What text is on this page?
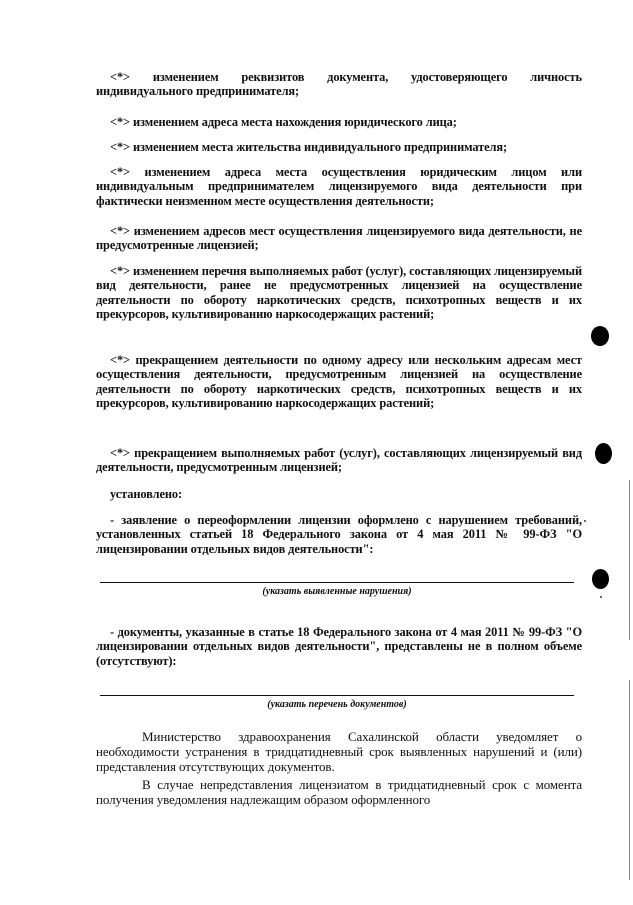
<*> изменением реквизитов документа, удостоверяющего личность индивидуального предпринимателя;

<*> изменением адреса места нахождения юридического лица;

<*> изменением места жительства индивидуального предпринимателя;

<*> изменением адреса места осуществления юридическим лицом или индивидуальным предпринимателем лицензируемого вида деятельности при фактически неизменном месте осуществления деятельности;

<*> изменением адресов мест осуществления лицензируемого вида деятельности, не предусмотренные лицензией;

<*> изменением перечня выполняемых работ (услуг), составляющих лицензируемый вид деятельности, ранее не предусмотренных лицензией на осуществление деятельности по обороту наркотических средств, психотропных веществ и их прекурсоров, культивированию наркосодержащих растений;

<*> прекращением деятельности по одному адресу или нескольким адресам мест осуществления деятельности, предусмотренным лицензией на осуществление деятельности по обороту наркотических средств, психотропных веществ и их прекурсоров, культивированию наркосодержащих растений;

<*> прекращением выполняемых работ (услуг), составляющих лицензируемый вид деятельности, предусмотренным лицензией;

установлено:

- заявление о переоформлении лицензии оформлено с нарушением требований, установленных статьей 18 Федерального закона от 4 мая 2011 № 99-ФЗ "О лицензировании отдельных видов деятельности":

(указать выявленные нарушения)

- документы, указанные в статье 18 Федерального закона от 4 мая 2011 № 99-ФЗ "О лицензировании отдельных видов деятельности", представлены не в полном объеме (отсутствуют):

(указать перечень документов)

Министерство здравоохранения Сахалинской области уведомляет о необходимости устранения в тридцатидневный срок выявленных нарушений и (или) представления отсутствующих документов.

В случае непредставления лицензиатом в тридцатидневный срок с момента получения уведомления надлежащим образом оформленного
